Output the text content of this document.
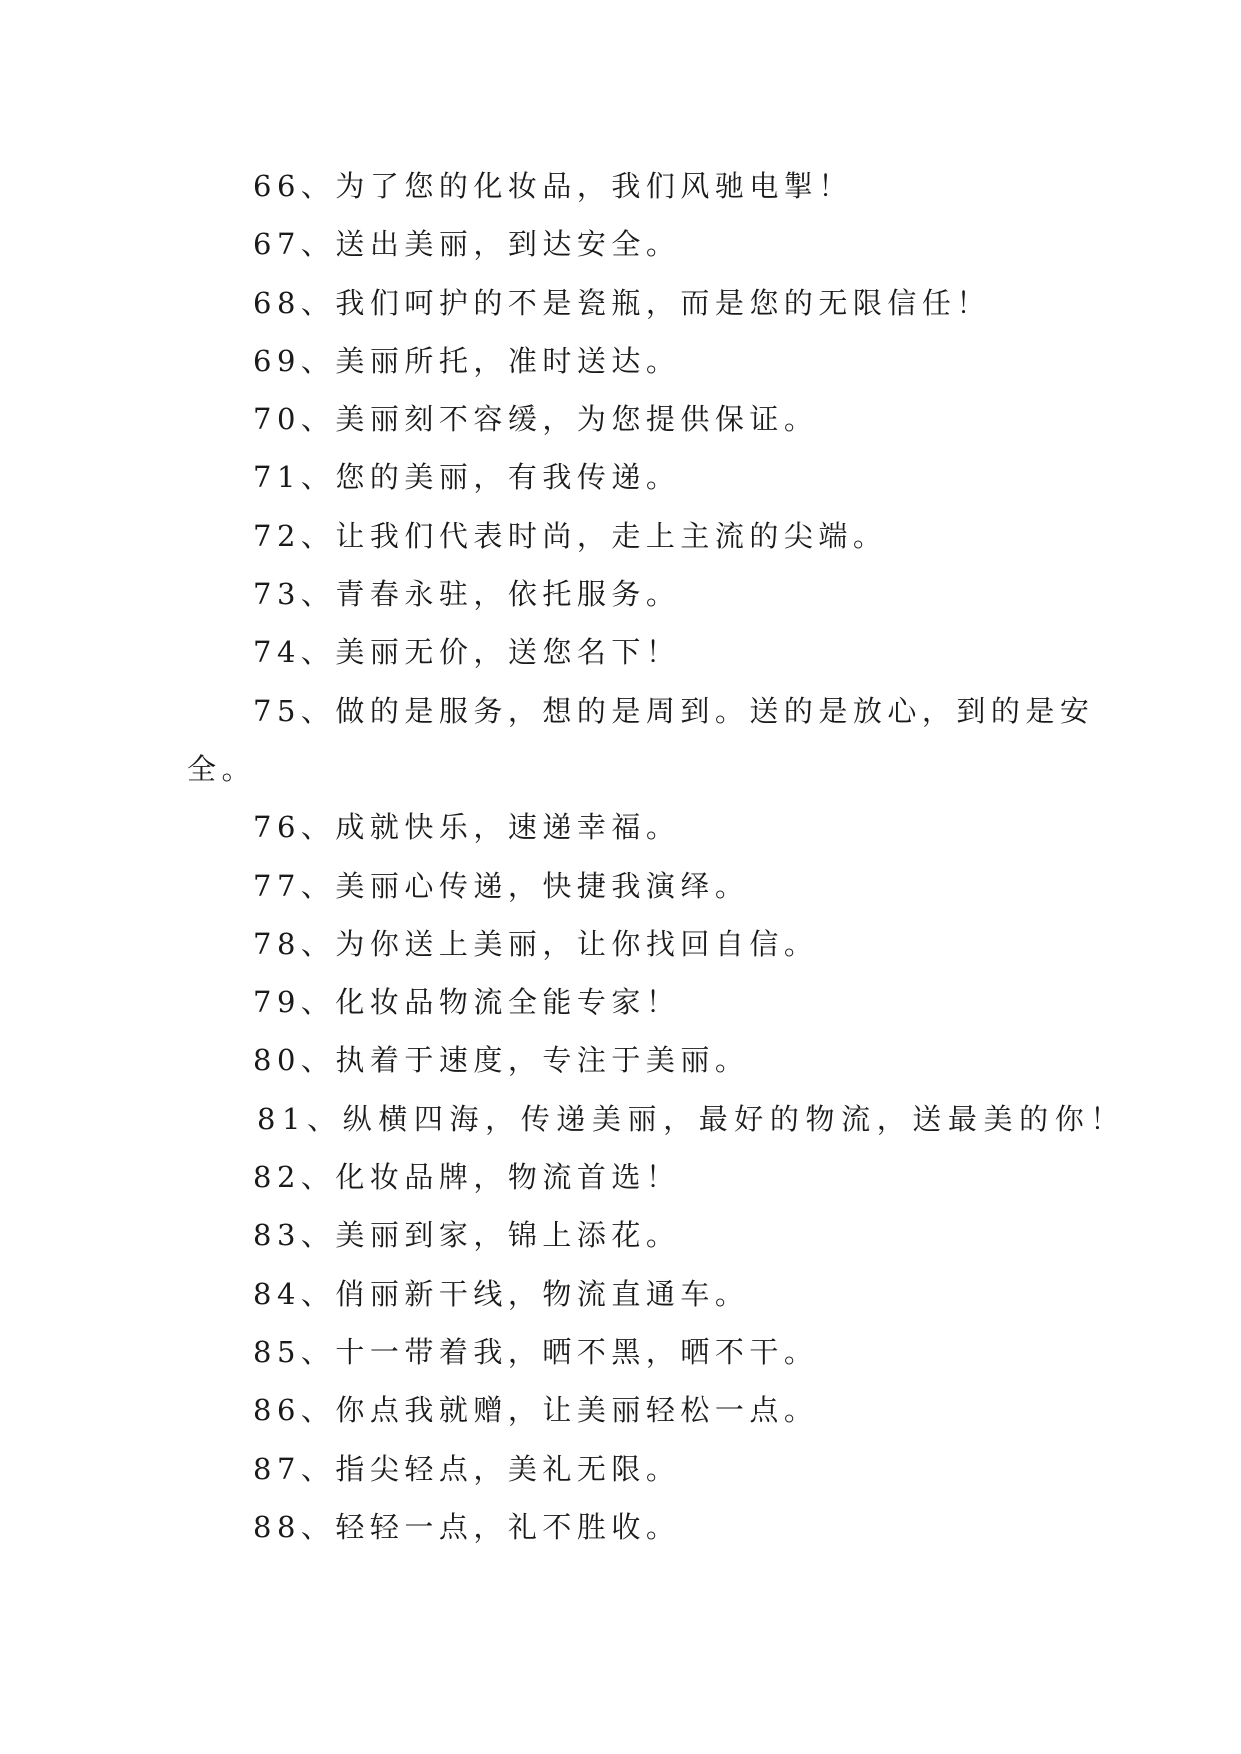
66、为了您的化妆品，我们风驰电掣！
67、送出美丽，到达安全。
68、我们呵护的不是瓷瓶，而是您的无限信任！
69、美丽所托，准时送达。
70、美丽刻不容缓，为您提供保证。
71、您的美丽，有我传递。
72、让我们代表时尚，走上主流的尖端。
73、青春永驻，依托服务。
74、美丽无价，送您名下！
75、做的是服务，想的是周到。送的是放心，到的是安
全。
76、成就快乐，速递幸福。
77、美丽心传递，快捷我演绎。
78、为你送上美丽，让你找回自信。
79、化妆品物流全能专家！
80、执着于速度，专注于美丽。
81、纵横四海，传递美丽，最好的物流，送最美的你！
82、化妆品牌，物流首选！
83、美丽到家，锦上添花。
84、俏丽新干线，物流直通车。
85、十一带着我，晒不黑，晒不干。
86、你点我就赠，让美丽轻松一点。
87、指尖轻点，美礼无限。
88、轻轻一点，礼不胜收。
